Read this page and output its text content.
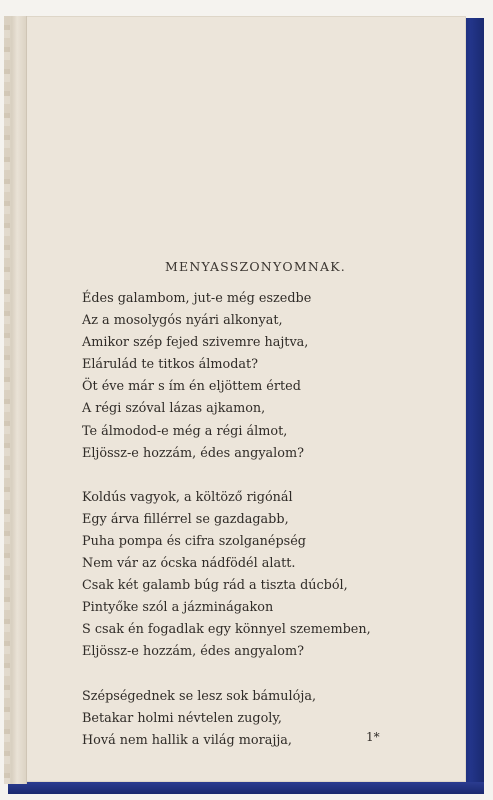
MENYASSZONYOMNAK.
Édes galambom, jut-e még eszedbe
Az a mosolygós nyári alkonyat,
Amikor szép fejed szivemre hajtva,
Elárulád te titkos álmodat?
Öt éve már s ím én eljöttem érted
A régi szóval lázas ajkamon,
Te álmodod-e még a régi álmot,
Eljössz-e hozzám, édes angyalom?
Koldús vagyok, a költöző rigónál
Egy árva fillérrel se gazdagabb,
Puha pompa és cifra szolganépség
Nem vár az ócska nádfödél alatt.
Csak két galamb búg rád a tiszta dúcból,
Pintyőke szól a jázminágakon
S csak én fogadlak egy könnyel szememben,
Eljössz-e hozzám, édes angyalom?
Szépségednek se lesz sok bámulója,
Betakar holmi névtelen zugoly,
Hová nem hallik a világ morajja,	1*
